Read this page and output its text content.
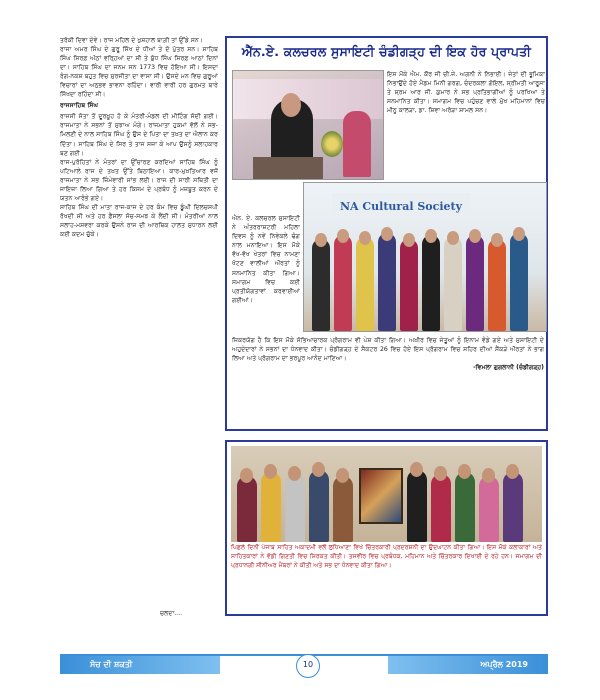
ਤਰੱਕੀ ਦਿਵਾ ਦੇਵੇ। ਰਾਜ ਮਹਿਲ ਦੇ ਖੁਸ਼ਹਾਲ ਬਾਗ਼ੀ ਤਾਂ ਉੱਡੇ ਸਨ।

ਰਾਜਾ ਅਮਰ ਸਿੰਘ ਦੇ ਗੁਰੂ ਸਿੱਖ ਦੇ ਧੀਆਂ ਤੇ ਦੋ ਪੁੱਤਰ ਸਨ। ਸਾਹਿਬ ਸਿੰਘ ਸਿਰਫ਼ ਅੱਠਾਂ ਵਰ੍ਹਿਆਂ ਦਾ ਸੀ ਤੇ ਬੁੱਧ ਸਿੰਘ ਸਿਰਫ਼ ਆਠਾਂ ਦਿਨਾਂ ਦਾ। ਸਾਹਿਬ ਸਿੰਘ ਦਾ ਜਨਮ ਸਨ 1773 ਵਿਚ ਹੋਇਆ ਸੀ। ਇਸਦਾ ਰੰਗ-ਨਕਸ਼ ਬਹੁਤ ਵਿਚ ਸੁਰਜੀਤਾ ਦਾ ਵਾਸਾ ਸੀ। ਉਸਦੇ ਮਨ ਵਿਚ ਗੁਰੂਆਂ ਵਿਚਾਰਾਂ ਦਾ ਅਨੁਭਵ ਭਾਵਨਾ ਰਹਿੰਦਾ। ਵਾਰੀ ਵਾਰੀ ਹਰ ਗੁਰਮਤ ਬਾਰੇ ਸਿੱਖਦਾ ਰਹਿੰਦਾ ਸੀ।

ਰਾਜਸਾਹਿਬ ਸਿੰਘ

ਰਾਜਸੀ ਸੱਤਾ ਤੋਂ ਦੂਰਖ਼ੂਹ ਹੋ ਕੇ ਮੰਤਰੀ-ਮੰਡਲ ਦੀ ਮੀਟਿੰਗ ਸੱਦੀ ਗਈ। ਰਾਜਮਾਤਾ ਨੇ ਸਭਨਾਂ ਤੋਂ ਸੁਝਾਅ ਮੰਗੇ। ਰਾਜਮਾਤਾ ਹੁਕਮਾਂ ਵੱਲੋਂ ਨੇ ਸਭ-ਮਿਲਣੀ ਦੇ ਨਾਲ ਸਾਹਿਬ ਸਿੰਘ ਨੂੰ ਉਸ ਦੇ ਪਿਤਾ ਦਾ ਤਖ਼ਤ ਦਾ ਐਲਾਨ ਕਰ ਦਿੱਤਾ। ਸਾਹਿਬ ਸਿੰਘ ਦੇ ਸਿਰ ਤੇ ਤਾਜ ਸਜਾ ਕੇ ਆਪ ਉਸਨੂੰ ਸਲਾਹਕਾਰ ਬਣ ਗਈ।

ਰਾਜ-ਪੁਰੋਹਿਤਾਂ ਨੇ ਮੰਤਰਾਂ ਦਾ ਉੱਚਾਰਣ ਕਰਦਿਆਂ ਸਾਹਿਬ ਸਿੰਘ ਨੂੰ ਪਟਿਆਲੇ ਰਾਜ ਦੇ ਤਖ਼ਤ ਉੱਤੇ ਬਿਠਾਇਆ। ਕਾਰ-ਮੁਖ਼ਤਿਆਰ ਵਜੋਂ ਰਾਜਮਾਤਾ ਨੇ ਸਭ ਜ਼ਿੰਮੇਵਾਰੀ ਸਾਂਭ ਲਈ। ਰਾਜ ਦੀ ਸਾਰੀ ਸਥਿਤੀ ਦਾ ਜਾਇਜ਼ਾ ਲਿਆ ਗਿਆ ਤੇ ਹਰ ਕਿਸਮ ਦੇ ਪ੍ਰਬੰਧ ਨੂੰ ਮਜ਼ਬੂਤ ਕਰਨ ਦੇ ਯਤਨ ਆਰੰਭੇ ਗਏ।

ਸਾਹਿਬ ਸਿੰਘ ਦੀ ਮਾਤਾ ਰਾਜ-ਕਾਜ ਦੇ ਹਰ ਕੰਮ ਵਿਚ ਡੂੰਘੀ ਦਿਲਚਸਪੀ ਰੱਖਦੀ ਸੀ ਅਤੇ ਹਰ ਫ਼ੈਸਲਾ ਸੋਚ-ਸਮਝ ਕੇ ਲੈਂਦੀ ਸੀ। ਮੰਤਰੀਆਂ ਨਾਲ ਸਲਾਹ-ਮਸ਼ਵਰਾ ਕਰਕੇ ਉਸਨੇ ਰਾਜ ਦੀ ਆਰਥਿਕ ਹਾਲਤ ਸੁਧਾਰਨ ਲਈ ਕਈ ਕਦਮ ਚੁੱਕੇ।

ਚਲਦਾ....
ਐੱਨ.ਏ. ਕਲਚਰਲ ਸੁਸਾਇਟੀ ਚੰਡੀਗੜ੍ਹ ਦੀ ਇਕ ਹੋਰ ਪ੍ਰਾਪਤੀ
ਇਸ ਮੌਕੇ ਐਮ. ਕੌਰ ਜੀ ਚੀ.ਜੇ. ਅਗਨੀ ਨੇ ਨਿਭਾਈ। ਜੇਤਾਂ ਦੀ ਭੂਮਿਕਾ ਨਿਭਾਉਂਦੇ ਹੋਏ ਮੈਡਮ ਮਿਨੀ ਗਰਗ, ਚੰਦਰਕਲਾ ਗੋਇਲ, ਸ੍ਰੀਮਤੀ ਆਰੂਸਾ ਤੇ ਸ਼੍ਰਮ ਆਰ ਜੀ. ਕੁਮਾਰ ਨੇ ਸਭ ਪ੍ਰਤਿਭਾਗੀਆਂ ਨੂੰ ਪਰਖਿਆ ਤੇ ਸਨਮਾਨਿਤ ਕੀਤਾ। ਸਮਾਗਮ ਵਿਚ ਪਹੁੰਚਣ ਵਾਲੇ ਮੁੱਖ ਮਹਿਮਾਨਾਂ ਵਿਚ ਮੀਨੂ ਕਾਲੜਾ, ਡਾ. ਸ਼ਿਵਾ ਅਰੋੜਾ ਸ਼ਾਮਲ ਸਨ।
NA Cultural Society
ਐਨ. ਏ. ਕਲਚਰਲ ਸੁਸਾਇਟੀ ਨੇ ਅੰਤਰਰਾਸ਼ਟਰੀ ਮਹਿਲਾ ਦਿਵਸ ਨੂੰ ਨਵੇਂ ਨਿਵੇਕਲੇ ਢੰਗ ਨਾਲ ਮਨਾਇਆ। ਇਸ ਮੌਕੇ ਵੱਖ-ਵੱਖ ਖੇਤਰਾਂ ਵਿਚ ਨਾਮਣਾ ਖੱਟਣ ਵਾਲੀਆਂ ਔਰਤਾਂ ਨੂੰ ਸਨਮਾਨਿਤ ਕੀਤਾ ਗਿਆ। ਸਮਾਗਮ ਵਿਚ ਕਈ ਪ੍ਰਤੀਯੋਗਤਾਵਾਂ ਕਰਵਾਈਆਂ ਗਈਆਂ।
ਜਿਕਰਯੋਗ ਹੈ ਕਿ ਇਸ ਮੌਕੇ ਸੱਭਿਆਚਾਰਕ ਪ੍ਰੋਗਰਾਮ ਵੀ ਪੇਸ਼ ਕੀਤਾ ਗਿਆ। ਅਖ਼ੀਰ ਵਿਚ ਜੇਤੂਆਂ ਨੂੰ ਇਨਾਮ ਵੰਡੇ ਗਏ ਅਤੇ ਸੁਸਾਇਟੀ ਦੇ ਅਹੁਦੇਦਾਰਾਂ ਨੇ ਸਭਨਾਂ ਦਾ ਧੰਨਵਾਦ ਕੀਤਾ। ਚੰਡੀਗੜ੍ਹ ਦੇ ਸੈਕਟਰ 26 ਵਿਚ ਹੋਏ ਇਸ ਪ੍ਰੋਗਰਾਮ ਵਿਚ ਸ਼ਹਿਰ ਦੀਆਂ ਸੈਂਕੜੇ ਔਰਤਾਂ ਨੇ ਭਾਗ ਲਿਆ ਅਤੇ ਪ੍ਰੋਗਰਾਮ ਦਾ ਭਰਪੂਰ ਆਨੰਦ ਮਾਣਿਆ।
-ਵਿਮਲਾ ਗੁਗਲਾਨੀ (ਚੰਡੀਗੜ੍ਹ)
ਪਿਛਲੇ ਦਿਨੀਂ ਪੰਜਾਬ ਸਾਹਿਤ ਅਕਾਦਮੀ ਵਲੋਂ ਲੁਧਿਆਣਾ ਵਿਖੇ ਚਿੱਤਰਕਾਰੀ ਪ੍ਰਦਰਸ਼ਨੀ ਦਾ ਉਦਘਾਟਨ ਕੀਤਾ ਗਿਆ। ਇਸ ਮੌਕੇ ਕਲਾਕਾਰਾਂ ਅਤੇ ਸਾਹਿਤਕਾਰਾਂ ਨੇ ਵੱਡੀ ਗਿਣਤੀ ਵਿਚ ਸ਼ਿਰਕਤ ਕੀਤੀ। ਤਸਵੀਰ ਵਿਚ ਪ੍ਰਬੰਧਕ, ਮਹਿਮਾਨ ਅਤੇ ਚਿੱਤਰਕਾਰ ਦਿਖਾਈ ਦੇ ਰਹੇ ਹਨ। ਸਮਾਗਮ ਦੀ ਪ੍ਰਧਾਨਗੀ ਸੀਨੀਅਰ ਮੈਂਬਰਾਂ ਨੇ ਕੀਤੀ ਅਤੇ ਸਭ ਦਾ ਧੰਨਵਾਦ ਕੀਤਾ ਗਿਆ।
ਸੋਚ ਦੀ ਸ਼ਕਤੀ	10	ਅਪ੍ਰੈਲ 2019
